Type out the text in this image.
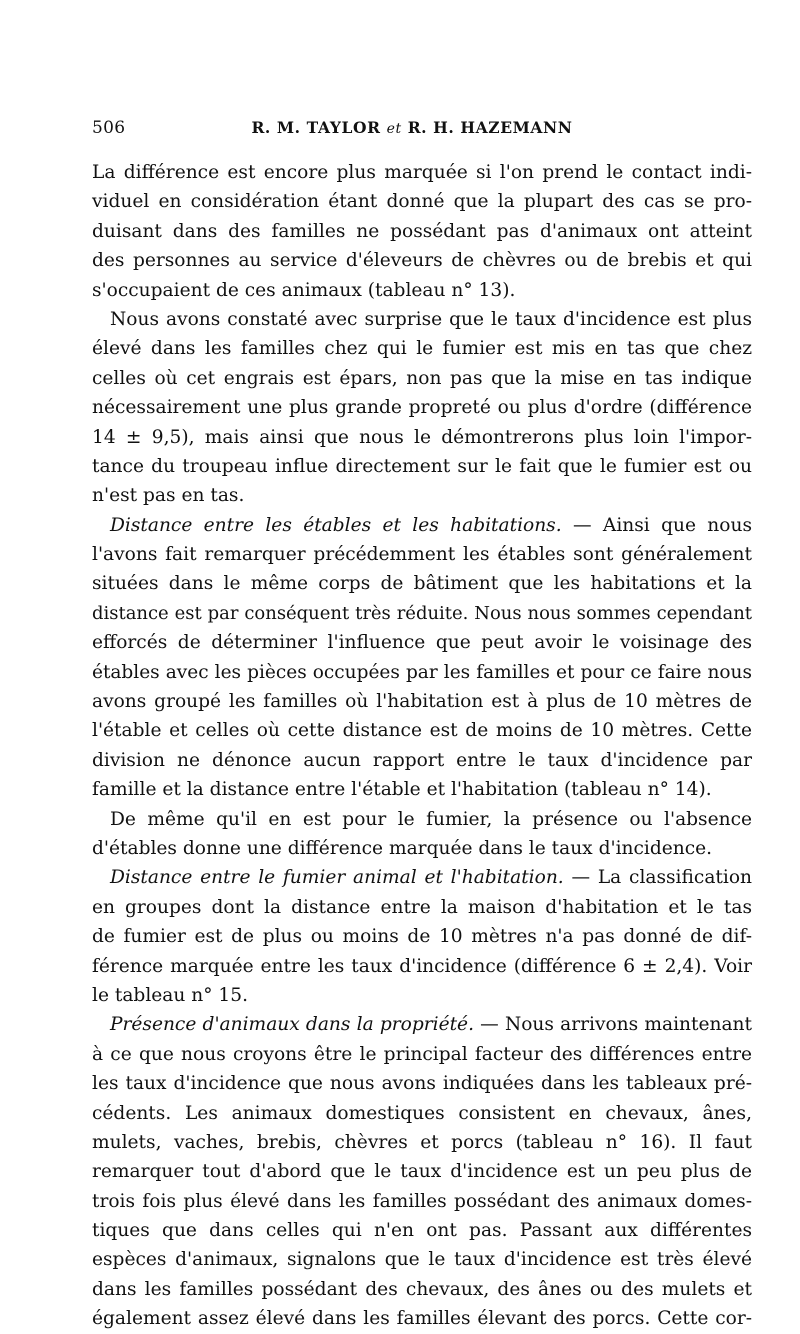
506	R. M. TAYLOR et R. H. HAZEMANN
La différence est encore plus marquée si l'on prend le contact indi-
viduel en considération étant donné que la plupart des cas se pro-
duisant dans des familles ne possédant pas d'animaux ont atteint
des personnes au service d'éleveurs de chèvres ou de brebis et qui
s'occupaient de ces animaux (tableau n° 13).
Nous avons constaté avec surprise que le taux d'incidence est plus
élevé dans les familles chez qui le fumier est mis en tas que chez
celles où cet engrais est épars, non pas que la mise en tas indique
nécessairement une plus grande propreté ou plus d'ordre (différence
14 ± 9,5), mais ainsi que nous le démontrerons plus loin l'impor-
tance du troupeau influe directement sur le fait que le fumier est ou
n'est pas en tas.
Distance entre les étables et les habitations. — Ainsi que nous
l'avons fait remarquer précédemment les étables sont généralement
situées dans le même corps de bâtiment que les habitations et la
distance est par conséquent très réduite. Nous nous sommes cependant
efforcés de déterminer l'influence que peut avoir le voisinage des
étables avec les pièces occupées par les familles et pour ce faire nous
avons groupé les familles où l'habitation est à plus de 10 mètres de
l'étable et celles où cette distance est de moins de 10 mètres. Cette
division ne dénonce aucun rapport entre le taux d'incidence par
famille et la distance entre l'étable et l'habitation (tableau n° 14).
De même qu'il en est pour le fumier, la présence ou l'absence
d'étables donne une différence marquée dans le taux d'incidence.
Distance entre le fumier animal et l'habitation. — La classification
en groupes dont la distance entre la maison d'habitation et le tas
de fumier est de plus ou moins de 10 mètres n'a pas donné de dif-
férence marquée entre les taux d'incidence (différence 6 ± 2,4). Voir
le tableau n° 15.
Présence d'animaux dans la propriété. — Nous arrivons maintenant
à ce que nous croyons être le principal facteur des différences entre
les taux d'incidence que nous avons indiquées dans les tableaux pré-
cédents. Les animaux domestiques consistent en chevaux, ânes,
mulets, vaches, brebis, chèvres et porcs (tableau n° 16). Il faut
remarquer tout d'abord que le taux d'incidence est un peu plus de
trois fois plus élevé dans les familles possédant des animaux domes-
tiques que dans celles qui n'en ont pas. Passant aux différentes
espèces d'animaux, signalons que le taux d'incidence est très élevé
dans les familles possédant des chevaux, des ânes ou des mulets et
également assez élevé dans les familles élevant des porcs. Cette cor-
